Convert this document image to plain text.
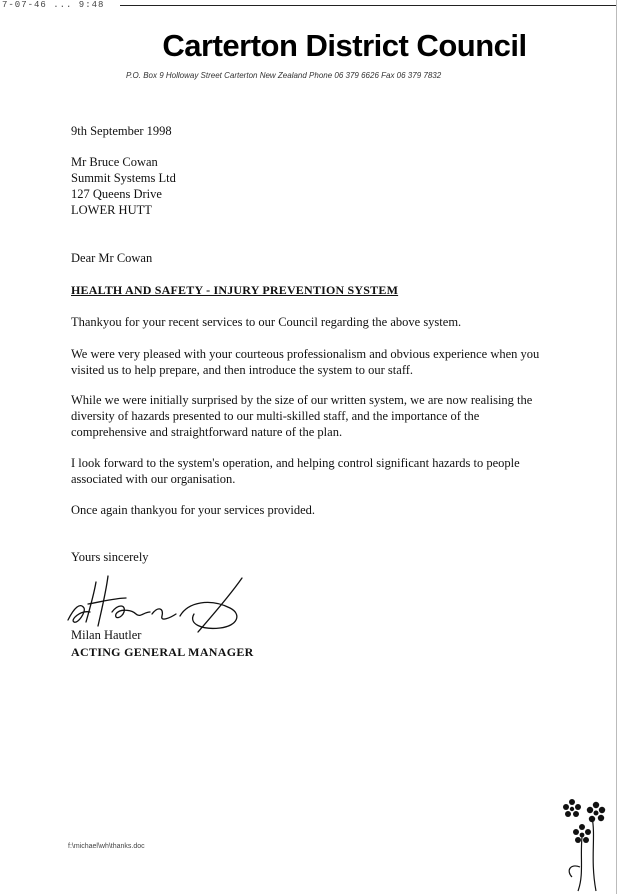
7-07-46 ... 9:48
Carterton District Council
P.O. Box 9 Holloway Street Carterton New Zealand Phone 06 379 6626 Fax 06 379 7832
9th September 1998
Mr Bruce Cowan
Summit Systems Ltd
127 Queens Drive
LOWER HUTT
Dear Mr Cowan
HEALTH AND SAFETY - INJURY PREVENTION SYSTEM
Thankyou for your recent services to our Council regarding the above system.
We were very pleased with your courteous professionalism and obvious experience when you visited us to help prepare, and then introduce the system to our staff.
While we were initially surprised by the size of our written system, we are now realising the diversity of hazards presented to our multi-skilled staff, and the importance of the comprehensive and straightforward nature of the plan.
I look forward to the system's operation, and helping control significant hazards to people associated with our organisation.
Once again thankyou for your services provided.
Yours sincerely
Milan Hautler
ACTING GENERAL MANAGER
f:\michael\wh\thanks.doc
